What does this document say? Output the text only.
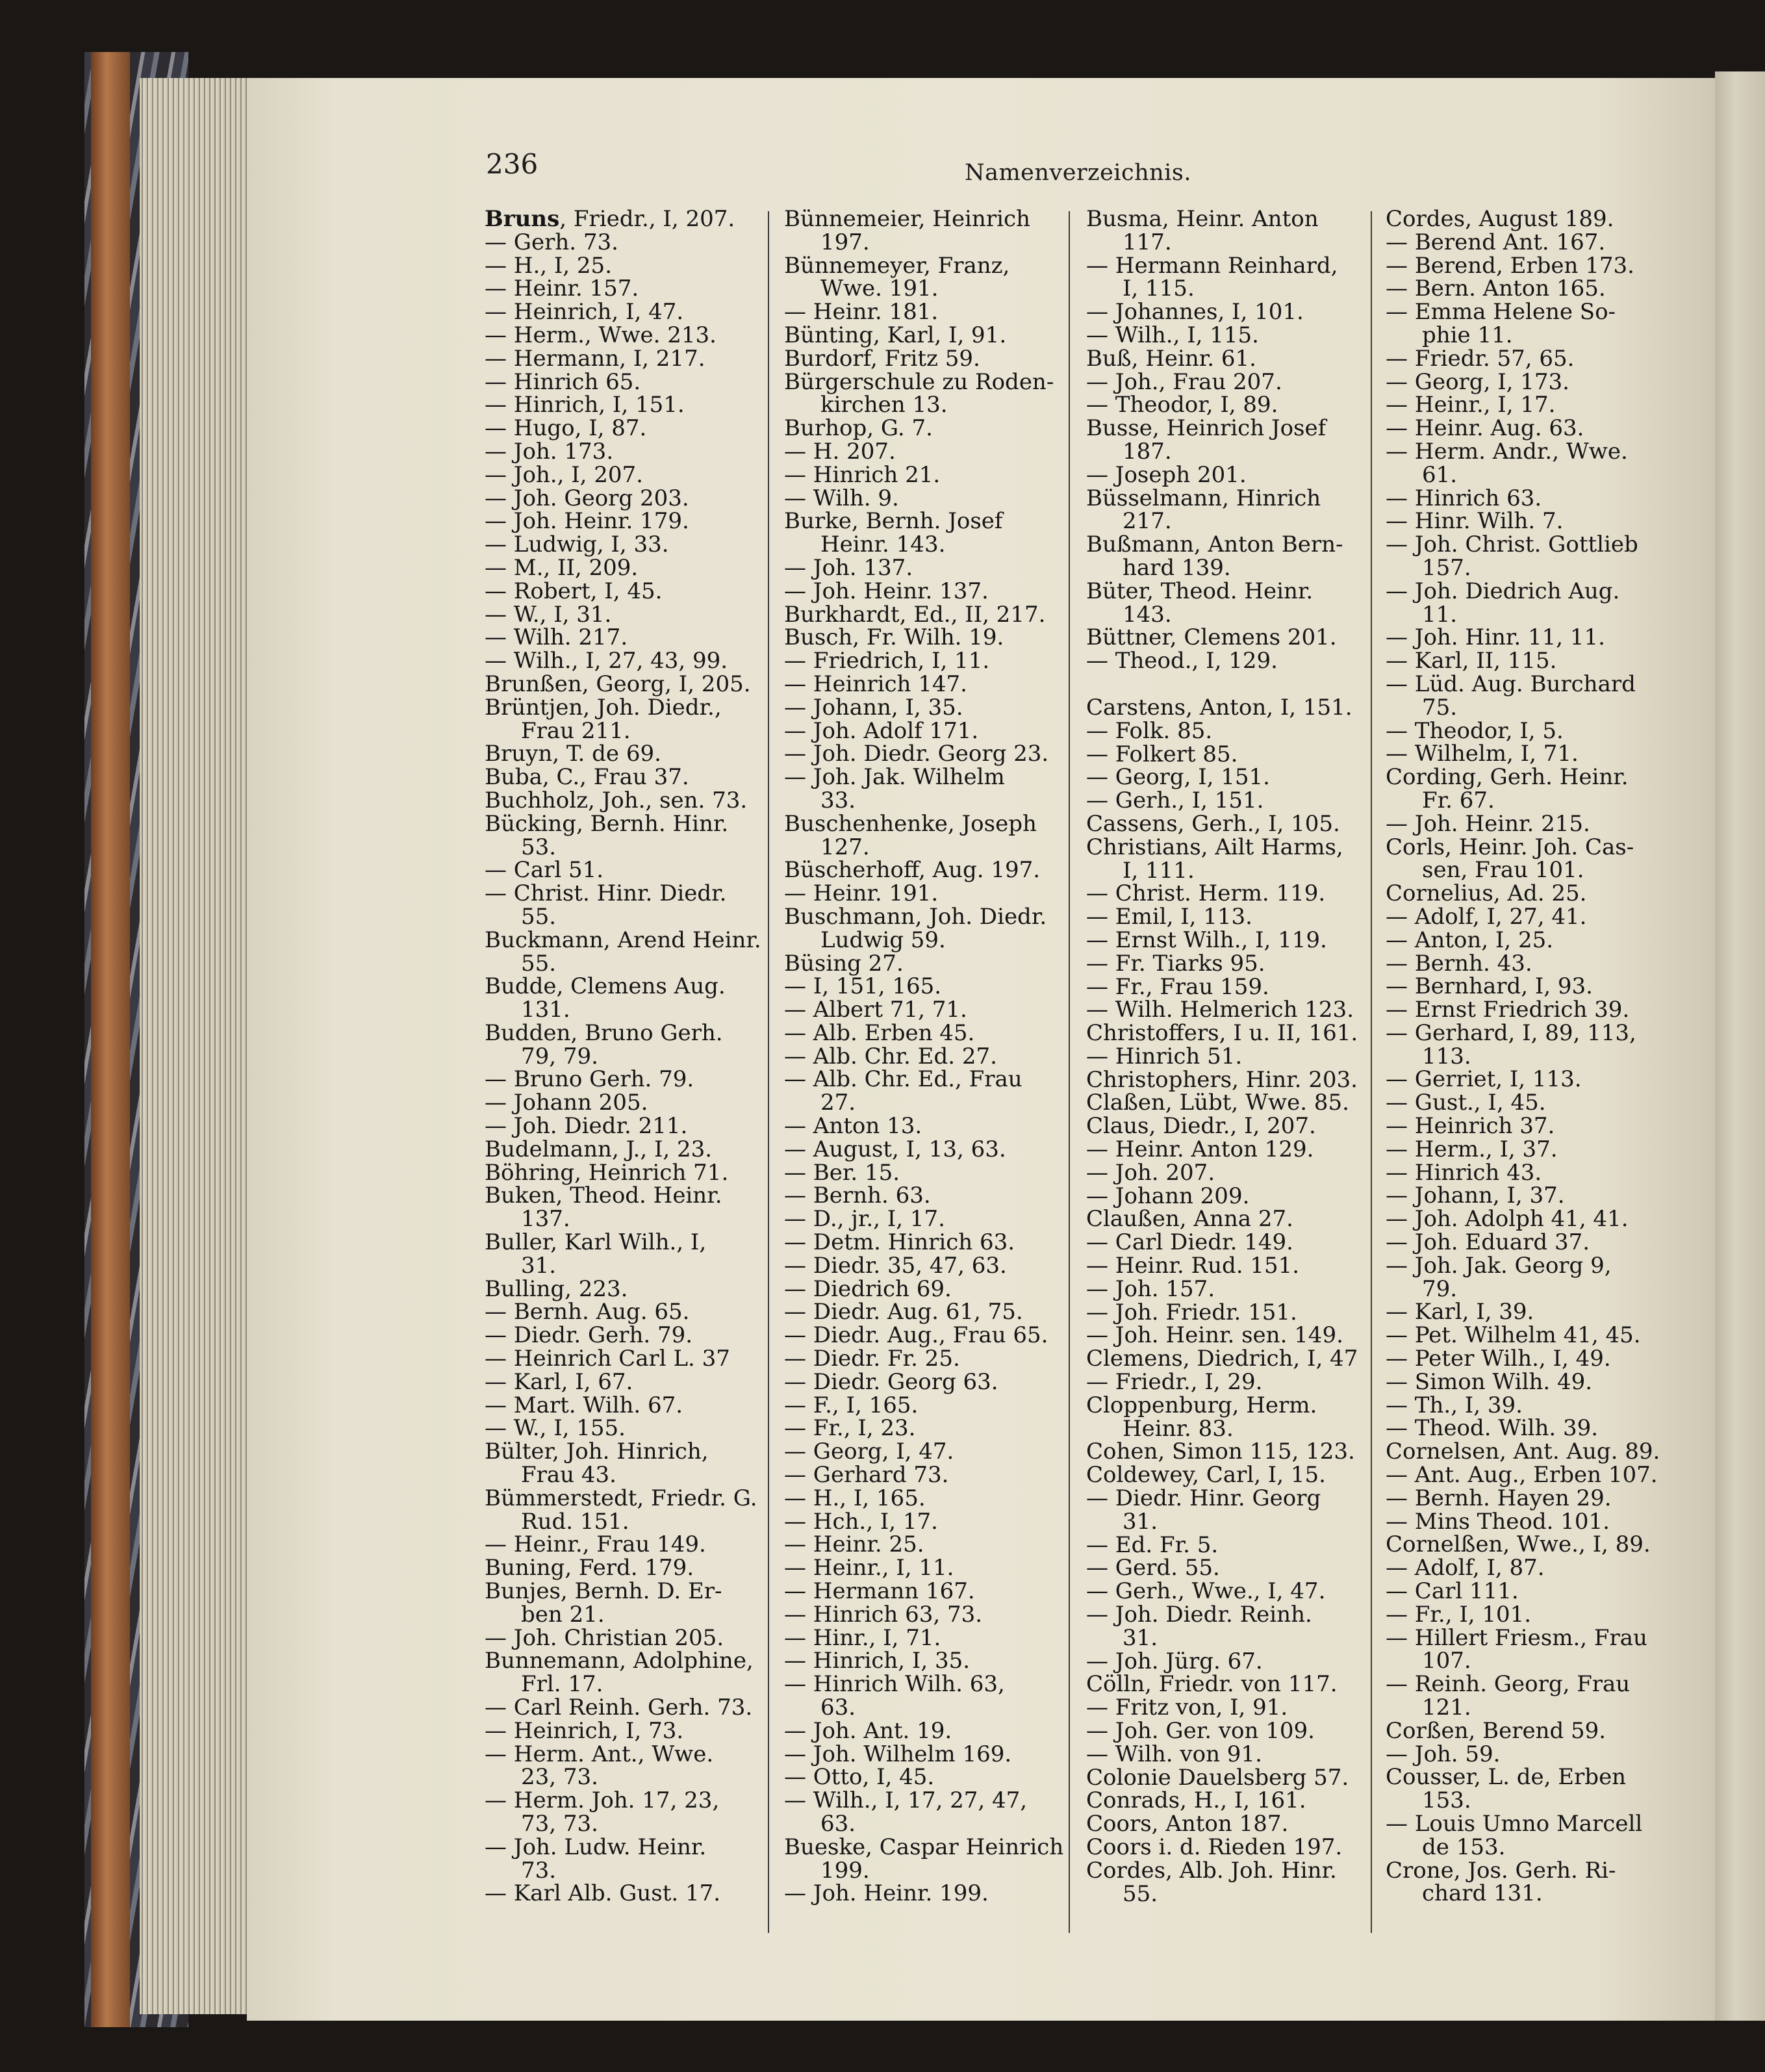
236	Namenverzeichnis.
Bruns, Friedr., I, 207.
— Gerh. 73.
— H., I, 25.
— Heinr. 157.
— Heinrich, I, 47.
— Herm., Wwe. 213.
— Hermann, I, 217.
— Hinrich 65.
— Hinrich, I, 151.
— Hugo, I, 87.
— Joh. 173.
— Joh., I, 207.
— Joh. Georg 203.
— Joh. Heinr. 179.
— Ludwig, I, 33.
— M., II, 209.
— Robert, I, 45.
— W., I, 31.
— Wilh. 217.
— Wilh., I, 27, 43, 99.
Brunßen, Georg, I, 205.
Brüntjen, Joh. Diedr.,
Frau 211.
Bruyn, T. de 69.
Buba, C., Frau 37.
Buchholz, Joh., sen. 73.
Bücking, Bernh. Hinr.
53.
— Carl 51.
— Christ. Hinr. Diedr.
55.
Buckmann, Arend Heinr.
55.
Budde, Clemens Aug.
131.
Budden, Bruno Gerh.
79, 79.
— Bruno Gerh. 79.
— Johann 205.
— Joh. Diedr. 211.
Budelmann, J., I, 23.
Böhring, Heinrich 71.
Buken, Theod. Heinr.
137.
Buller, Karl Wilh., I,
31.
Bulling, 223.
— Bernh. Aug. 65.
— Diedr. Gerh. 79.
— Heinrich Carl L. 37
— Karl, I, 67.
— Mart. Wilh. 67.
— W., I, 155.
Bülter, Joh. Hinrich,
Frau 43.
Bümmerstedt, Friedr. G.
Rud. 151.
— Heinr., Frau 149.
Buning, Ferd. 179.
Bunjes, Bernh. D. Er-
ben 21.
— Joh. Christian 205.
Bunnemann, Adolphine,
Frl. 17.
— Carl Reinh. Gerh. 73.
— Heinrich, I, 73.
— Herm. Ant., Wwe.
23, 73.
— Herm. Joh. 17, 23,
73, 73.
— Joh. Ludw. Heinr.
73.
— Karl Alb. Gust. 17.
Bünnemeier, Heinrich
197.
Bünnemeyer, Franz,
Wwe. 191.
— Heinr. 181.
Bünting, Karl, I, 91.
Burdorf, Fritz 59.
Bürgerschule zu Roden-
kirchen 13.
Burhop, G. 7.
— H. 207.
— Hinrich 21.
— Wilh. 9.
Burke, Bernh. Josef
Heinr. 143.
— Joh. 137.
— Joh. Heinr. 137.
Burkhardt, Ed., II, 217.
Busch, Fr. Wilh. 19.
— Friedrich, I, 11.
— Heinrich 147.
— Johann, I, 35.
— Joh. Adolf 171.
— Joh. Diedr. Georg 23.
— Joh. Jak. Wilhelm
33.
Buschenhenke, Joseph
127.
Büscherhoff, Aug. 197.
— Heinr. 191.
Buschmann, Joh. Diedr.
Ludwig 59.
Büsing 27.
— I, 151, 165.
— Albert 71, 71.
— Alb. Erben 45.
— Alb. Chr. Ed. 27.
— Alb. Chr. Ed., Frau
27.
— Anton 13.
— August, I, 13, 63.
— Ber. 15.
— Bernh. 63.
— D., jr., I, 17.
— Detm. Hinrich 63.
— Diedr. 35, 47, 63.
— Diedrich 69.
— Diedr. Aug. 61, 75.
— Diedr. Aug., Frau 65.
— Diedr. Fr. 25.
— Diedr. Georg 63.
— F., I, 165.
— Fr., I, 23.
— Georg, I, 47.
— Gerhard 73.
— H., I, 165.
— Hch., I, 17.
— Heinr. 25.
— Heinr., I, 11.
— Hermann 167.
— Hinrich 63, 73.
— Hinr., I, 71.
— Hinrich, I, 35.
— Hinrich Wilh. 63,
63.
— Joh. Ant. 19.
— Joh. Wilhelm 169.
— Otto, I, 45.
— Wilh., I, 17, 27, 47,
63.
Bueske, Caspar Heinrich
199.
— Joh. Heinr. 199.
Busma, Heinr. Anton
117.
— Hermann Reinhard,
I, 115.
— Johannes, I, 101.
— Wilh., I, 115.
Buß, Heinr. 61.
— Joh., Frau 207.
— Theodor, I, 89.
Busse, Heinrich Josef
187.
— Joseph 201.
Büsselmann, Hinrich
217.
Bußmann, Anton Bern-
hard 139.
Büter, Theod. Heinr.
143.
Büttner, Clemens 201.
— Theod., I, 129.
Carstens, Anton, I, 151.
— Folk. 85.
— Folkert 85.
— Georg, I, 151.
— Gerh., I, 151.
Cassens, Gerh., I, 105.
Christians, Ailt Harms,
I, 111.
— Christ. Herm. 119.
— Emil, I, 113.
— Ernst Wilh., I, 119.
— Fr. Tiarks 95.
— Fr., Frau 159.
— Wilh. Helmerich 123.
Christoffers, I u. II, 161.
— Hinrich 51.
Christophers, Hinr. 203.
Claßen, Lübt, Wwe. 85.
Claus, Diedr., I, 207.
— Heinr. Anton 129.
— Joh. 207.
— Johann 209.
Claußen, Anna 27.
— Carl Diedr. 149.
— Heinr. Rud. 151.
— Joh. 157.
— Joh. Friedr. 151.
— Joh. Heinr. sen. 149.
Clemens, Diedrich, I, 47
— Friedr., I, 29.
Cloppenburg, Herm.
Heinr. 83.
Cohen, Simon 115, 123.
Coldewey, Carl, I, 15.
— Diedr. Hinr. Georg
31.
— Ed. Fr. 5.
— Gerd. 55.
— Gerh., Wwe., I, 47.
— Joh. Diedr. Reinh.
31.
— Joh. Jürg. 67.
Cölln, Friedr. von 117.
— Fritz von, I, 91.
— Joh. Ger. von 109.
— Wilh. von 91.
Colonie Dauelsberg 57.
Conrads, H., I, 161.
Coors, Anton 187.
Coors i. d. Rieden 197.
Cordes, Alb. Joh. Hinr.
55.
Cordes, August 189.
— Berend Ant. 167.
— Berend, Erben 173.
— Bern. Anton 165.
— Emma Helene So-
phie 11.
— Friedr. 57, 65.
— Georg, I, 173.
— Heinr., I, 17.
— Heinr. Aug. 63.
— Herm. Andr., Wwe.
61.
— Hinrich 63.
— Hinr. Wilh. 7.
— Joh. Christ. Gottlieb
157.
— Joh. Diedrich Aug.
11.
— Joh. Hinr. 11, 11.
— Karl, II, 115.
— Lüd. Aug. Burchard
75.
— Theodor, I, 5.
— Wilhelm, I, 71.
Cording, Gerh. Heinr.
Fr. 67.
— Joh. Heinr. 215.
Corls, Heinr. Joh. Cas-
sen, Frau 101.
Cornelius, Ad. 25.
— Adolf, I, 27, 41.
— Anton, I, 25.
— Bernh. 43.
— Bernhard, I, 93.
— Ernst Friedrich 39.
— Gerhard, I, 89, 113,
113.
— Gerriet, I, 113.
— Gust., I, 45.
— Heinrich 37.
— Herm., I, 37.
— Hinrich 43.
— Johann, I, 37.
— Joh. Adolph 41, 41.
— Joh. Eduard 37.
— Joh. Jak. Georg 9,
79.
— Karl, I, 39.
— Pet. Wilhelm 41, 45.
— Peter Wilh., I, 49.
— Simon Wilh. 49.
— Th., I, 39.
— Theod. Wilh. 39.
Cornelsen, Ant. Aug. 89.
— Ant. Aug., Erben 107.
— Bernh. Hayen 29.
— Mins Theod. 101.
Cornelßen, Wwe., I, 89.
— Adolf, I, 87.
— Carl 111.
— Fr., I, 101.
— Hillert Friesm., Frau
107.
— Reinh. Georg, Frau
121.
Corßen, Berend 59.
— Joh. 59.
Cousser, L. de, Erben
153.
— Louis Umno Marcell
de 153.
Crone, Jos. Gerh. Ri-
chard 131.
